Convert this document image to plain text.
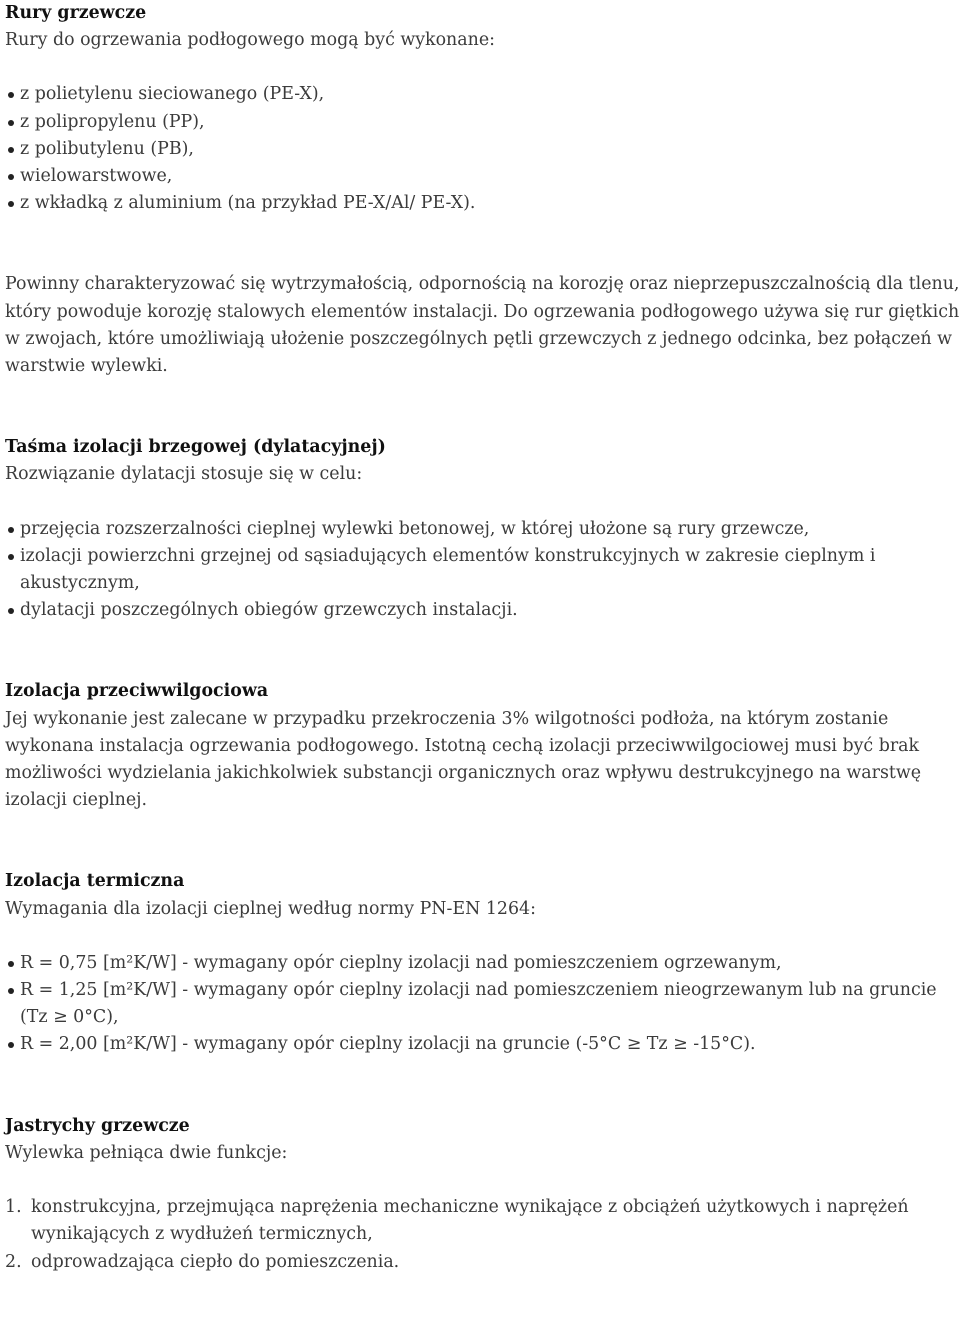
Rury grzewcze

Rury do ogrzewania podłogowego mogą być wykonane:

z polietylenu sieciowanego (PE-X),
z polipropylenu (PP),
z polibutylenu (PB),
wielowarstwowe,
z wkładką z aluminium (na przykład PE-X/Al/ PE-X).

Powinny charakteryzować się wytrzymałością, odpornością na korozję oraz nieprzepuszczalnością dla tlenu, który powoduje korozję stalowych elementów instalacji. Do ogrzewania podłogowego używa się rur giętkich w zwojach, które umożliwiają ułożenie poszczególnych pętli grzewczych z jednego odcinka, bez połączeń w warstwie wylewki.

Taśma izolacji brzegowej (dylatacyjnej)

Rozwiązanie dylatacji stosuje się w celu:

przejęcia rozszerzalności cieplnej wylewki betonowej, w której ułożone są rury grzewcze,
izolacji powierzchni grzejnej od sąsiadujących elementów konstrukcyjnych w zakresie cieplnym i akustycznym,
dylatacji poszczególnych obiegów grzewczych instalacji.
Izolacja przeciwwilgociowa

Jej wykonanie jest zalecane w przypadku przekroczenia 3% wilgotności podłoża, na którym zostanie wykonana instalacja ogrzewania podłogowego. Istotną cechą izolacji przeciwwilgociowej musi być brak możliwości wydzielania jakichkolwiek substancji organicznych oraz wpływu destrukcyjnego na warstwę izolacji cieplnej.

Izolacja termiczna

Wymagania dla izolacji cieplnej według normy PN-EN 1264:

R = 0,75 [m²K/W] - wymagany opór cieplny izolacji nad pomieszczeniem ogrzewanym,
R = 1,25 [m²K/W] - wymagany opór cieplny izolacji nad pomieszczeniem nieogrzewanym lub na gruncie (Tz ≥ 0°C),
R = 2,00 [m²K/W] - wymagany opór cieplny izolacji na gruncie (-5°C ≥ Tz ≥ -15°C).
Jastrychy grzewcze

Wylewka pełniąca dwie funkcje:

1. konstrukcyjna, przejmująca naprężenia mechaniczne wynikające z obciążeń użytkowych i naprężeń wynikających z wydłużeń termicznych,
2. odprowadzająca ciepło do pomieszczenia.
